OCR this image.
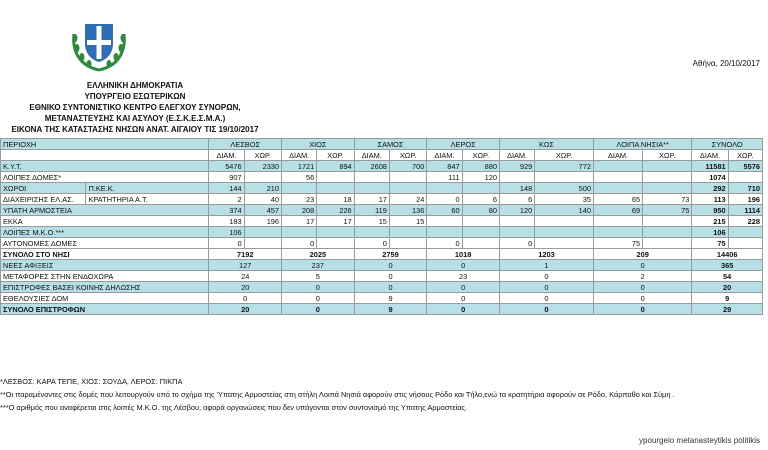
ΕΛΛΗΝΙΚΗ ΔΗΜΟΚΡΑΤΙΑ
ΥΠΟΥΡΓΕΙΟ ΕΣΩΤΕΡΙΚΩΝ
ΕΘΝΙΚΟ ΣΥΝΤΟΝΙΣΤΙΚΟ ΚΕΝΤΡΟ ΕΛΕΓΧΟΥ ΣΥΝΟΡΩΝ,
ΜΕΤΑΝΑΣΤΕΥΣΗΣ ΚΑΙ ΑΣΥΛΟΥ (Ε.Σ.Κ.Ε.Σ.Μ.Α.)
ΕΙΚΟΝΑ ΤΗΣ ΚΑΤΑΣΤΑΣΗΣ ΝΗΣΩΝ ΑΝΑΤ. ΑΙΓΑΙΟΥ ΤΙΣ 19/10/2017
Αθήνα, 20/10/2017
ΠΕΡΙΟΧΗ		ΛΕΣΒΟΣ		ΧΙΟΣ		ΣΑΜΟΣ		ΛΕΡΟΣ		ΚΩΣ		ΛΟΙΠΑ ΝΗΣΙΑ**		ΣΥΝΟΛΟ	
		ΔΙΑΜ.	ΧΩΡ.	ΔΙΑΜ.	ΧΩΡ.	ΔΙΑΜ.	ΧΩΡ.	ΔΙΑΜ.	ΧΩΡ.	ΔΙΑΜ.	ΧΩΡ.	ΔΙΑΜ.	ΧΩΡ.	ΔΙΑΜ.	ΧΩΡ.
Κ.Υ.Τ.		5476	2330	1721	894	2608	700	847	880	929	772			11581	5576
ΛΟΙΠΕΣ ΔΟΜΕΣ*		907		56				111	120					1074	
ΧΩΡΟΙ	Π.ΚΕ.Κ.	144	210							148	500			292	710
ΔΙΑΧΕΙΡΙΣΗΣ ΕΛ.ΑΣ.	ΚΡΑΤΗΤΗΡΙΑ Α.Τ.	2	40	23	18	17	24	0	6	6	35	65	73	113	196
ΥΠΑΤΗ ΑΡΜΟΣΤΕΙΑ		374	457	208	226	119	136	60	80	120	140	69	75	950	1114
ΕΚΚΑ		183	196	17	17	15	15							215	228
ΛΟΙΠΕΣ Μ.Κ.Ο.***		106												106	
ΑΥΤΟΝΟΜΕΣ ΔΟΜΕΣ		0		0		0		0		0		75		75	
ΣΥΝΟΛΟ ΣΤΟ ΝΗΣΙ		7192		2025		2759		1018		1203		209		14406	
ΝΕΕΣ ΑΦΙΞΕΙΣ		127		237		0		0		1		0		365	
ΜΕΤΑΦΟΡΕΣ ΣΤΗΝ ΕΝΔΟΧΩΡΑ		24		5		0		23		0		2		54	
ΕΠΙΣΤΡΟΦΕΣ ΒΑΣΕΙ ΚΟΙΝΗΣ ΔΗΛΩΣΗΣ		20		0		0		0		0		0		20	
ΕΘΕΛΟΥΣΙΕΣ ΔΟΜ		0		0		9		0		0		0		9	
ΣΥΝΟΛΟ ΕΠΙΣΤΡΟΦΩΝ		20		0		9		0		0		0		29	
*ΛΕΣΒΟΣ: ΚΑΡΑ ΤΕΠΕ, ΧΙΟΣ: ΣΟΥΔΑ, ΛΕΡΟΣ: ΠΙΚΠΑ
**Οι παραμένοντες στις δομές που λειτουργούν υπό το σχήμα της Ύπατης Αρμοστείας στη στήλη Λοιπά Νησιά αφορούν στις νήσους Ρόδο και Τήλο,ενώ τα κρατητήρια αφορούν σε Ρόδο, Κάρπαθο και Σύμη .
***Ο αριθμός που αναφέρεται στις λοιπές Μ.Κ.Ο. της Λέσβου, αφορά οργανώσεις που δεν υπάγονται στον συντονισμό της Υπατης Αρμοστείας.
ypourgeio metanasteytikis politikis
